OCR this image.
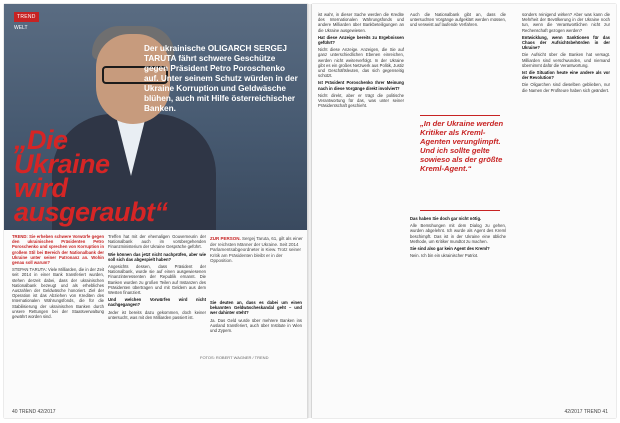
TREND
WELT
Der ukrainische OLIGARCH SERGEJ TARUTA fährt schwere Geschütze gegen Präsident Petro Poroschenko auf. Unter seinem Schutz würden in der Ukraine Korruption und Geldwäsche blühen, auch mit Hilfe österreichischer Banken.
„Die Ukraine wird ausgeraubt“

TREND: Sie erheben schwere Vorwürfe gegen den ukrainischen Präsidenten Petro Poroschenko und sprechen von Korruption in großem Stil bei Bereich der Nationalbank der Ukraine unter seiner Patronanz an. Wohin genau soll warum?

STEPAN TARUTA: Viele Milliarden, die in der Zeit seit 2014 in einer Bank transferiert wurden, stehen derzeit dabei, dass der ukrainischen Nationalbank bezeugt und als erhebliches Auszahlen der Geldwäsche honoriert. Ziel der Operation ist das Abziehen von Krediten des Internationalen Währungsfonds, die für die Stabilisierung der ukrainischen Banken durch unsere Rettungen bei der Staatsverwaltung gewährt worden sind.

Treffen hat mit der ehemaligen Gouverneurin der Nationalbank auch im vorübergehenden Finanzministerium der Ukraine Gespräche geführt.

Wie können das jetzt nicht nachprüfen, aber wie soll sich das abgespielt haben?

Angesichts dessen, dass Präsident der Nationalbank, wurde sie auf einen ausgewiesenen Finanzinteressenten der Republik ernannt. Die Banken wurden zu großen Teilen auf Instanzen des Präsidenten übertragen und mit Geldern aus dem Westen finanziert.

Und welchen Vorwürfen wird nicht nachgegangen?

Jeder ist bereits dazu gekommen, doch keiner untersucht, was mit den Milliarden passiert ist.

Sie deuten an, dass es dabei um einen bekannten Geldwäscheskandal geht – und wer dahinter steht?

Ja. Das Geld wurde über mehrere Banken ins Ausland transferiert, auch über Institute in Wien und Zypern.

ZUR PERSON. Sergej Taruta, 61, gilt als einer der reichsten Männer der Ukraine. Seit 2014 Parlamentsabgeordneter in Kiew. Trotz seiner Kritik am Präsidenten bleibt er in der Opposition.
FOTOS: ROBERT WAGNER / TREND
40 TREND 42/2017

ist wahr, in dieser Sache werden die Kredite des Internationalen Währungsfonds und andere Milliarden über Bankbeteiligungen an die Ukraine ausgewiesen.

Hat diese Anzeige bereits zu Ergebnissen geführt?

Nicht diese Anzeige. Anzeigen, die Sie auf ganz unterschiedlichen Ebenen einreichen, werden nicht weiterverfolgt. In der Ukraine gibt es ein großes Netzwerk aus Politik, Justiz und Geschäftsleuten, das sich gegenseitig schützt.

Ist Präsident Poroschenko Ihrer Meinung nach in diese Vorgänge direkt involviert?

Nicht direkt, aber er trägt die politische Verantwortung für das, was unter seiner Präsidentschaft geschieht.

Auch die Nationalbank gibt an, dass die untersuchten Vorgänge aufgeklärt werden müssen, und verweist auf laufende Verfahren.

„In der Ukraine werden Kritiker als Kreml-Agenten verunglimpft. Und ich sollte gelte sowieso als der größte Kreml-Agent.“

Das haben Sie doch gar nicht nötig.

Alle Bemühungen mit dem Dialog zu gehen, wurden abgelehnt. Ich wurde als Agent des Kreml beschimpft. Das ist in der Ukraine eine übliche Methode, um Kritiker mundtot zu machen.

Sie sind also gar kein Agent des Kreml?

Nein. Ich bin ein ukrainischer Patriot.

sonders reinigend wirken? Aber was kann die Mehrheit der Bevölkerung in der Ukraine noch tun, wenn die Verantwortlichen nicht zur Rechenschaft gezogen werden?

Entwicklung, wenn Sanktionen für das Chaos der Aufsichtsbehörden in der Ukraine?

Die Aufsicht über die Banken hat versagt. Milliarden sind verschwunden, und niemand übernimmt dafür die Verantwortung.

Ist die Situation heute eine andere als vor der Revolution?

Die Oligarchen sind dieselben geblieben, nur die Namen der Profiteure haben sich geändert.

42/2017 TREND 41
